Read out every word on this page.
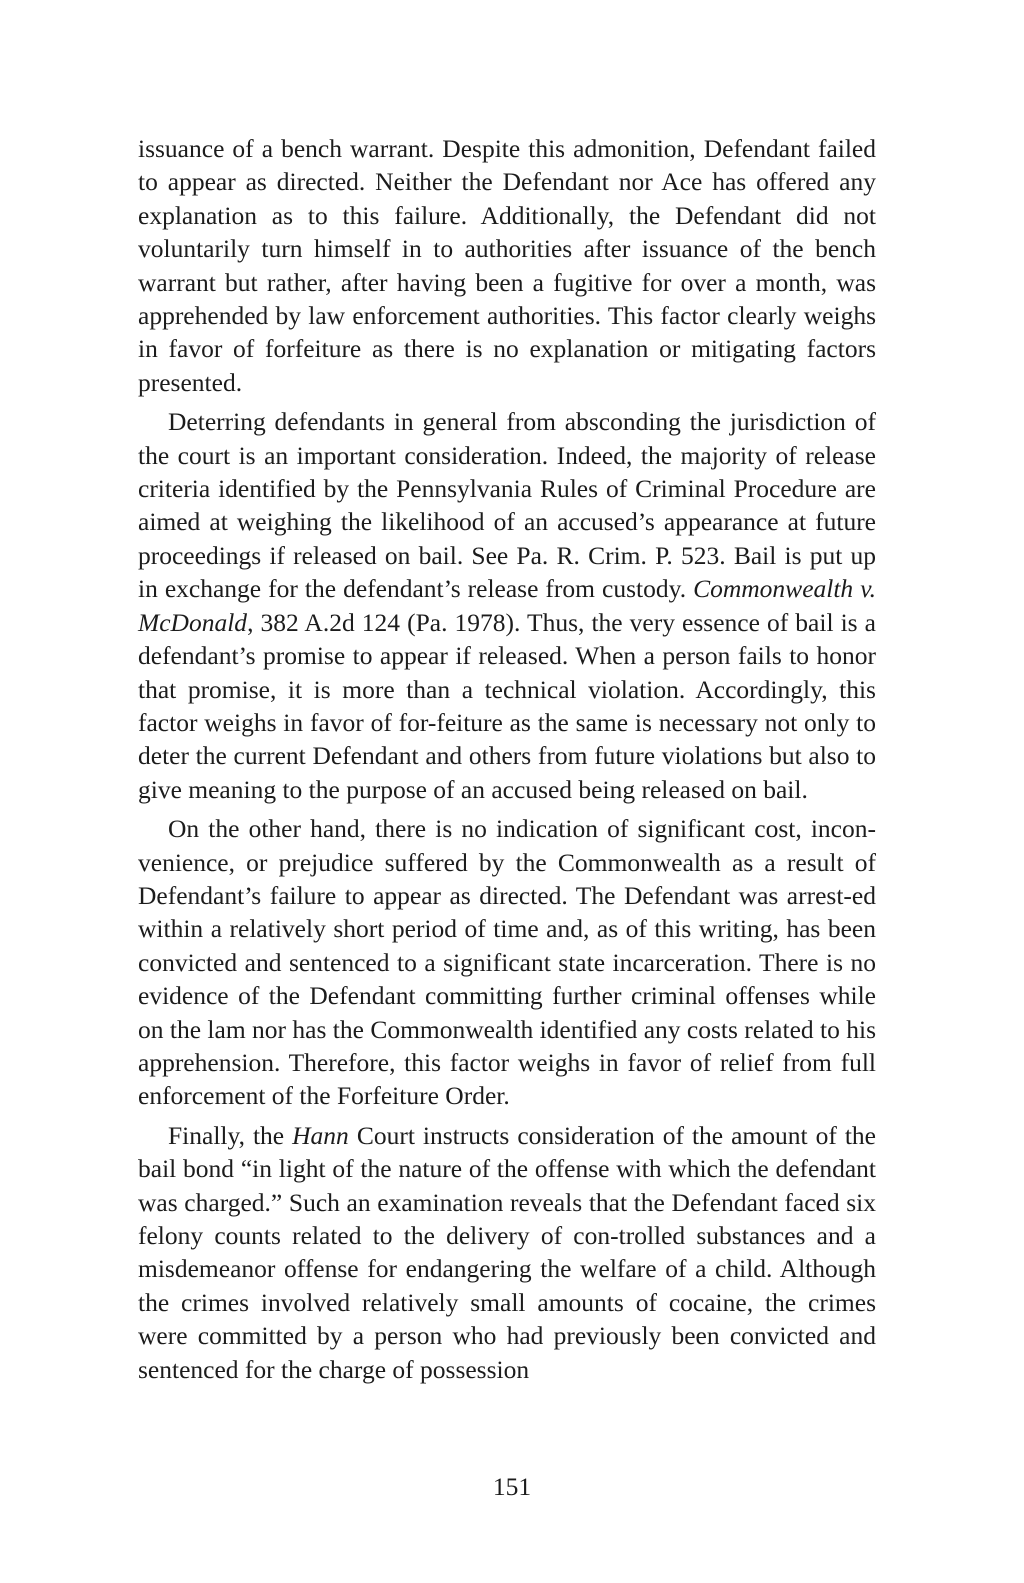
issuance of a bench warrant. Despite this admonition, Defendant failed to appear as directed. Neither the Defendant nor Ace has offered any explanation as to this failure. Additionally, the Defendant did not voluntarily turn himself in to authorities after issuance of the bench warrant but rather, after having been a fugitive for over a month, was apprehended by law enforcement authorities. This factor clearly weighs in favor of forfeiture as there is no explanation or mitigating factors presented.

Deterring defendants in general from absconding the jurisdiction of the court is an important consideration. Indeed, the majority of release criteria identified by the Pennsylvania Rules of Criminal Procedure are aimed at weighing the likelihood of an accused’s appearance at future proceedings if released on bail. See Pa. R. Crim. P. 523. Bail is put up in exchange for the defendant’s release from custody. Commonwealth v. McDonald, 382 A.2d 124 (Pa. 1978). Thus, the very essence of bail is a defendant’s promise to appear if released. When a person fails to honor that promise, it is more than a technical violation. Accordingly, this factor weighs in favor of for-feiture as the same is necessary not only to deter the current Defendant and others from future violations but also to give meaning to the purpose of an accused being released on bail.

On the other hand, there is no indication of significant cost, incon-venience, or prejudice suffered by the Commonwealth as a result of Defendant’s failure to appear as directed. The Defendant was arrest-ed within a relatively short period of time and, as of this writing, has been convicted and sentenced to a significant state incarceration. There is no evidence of the Defendant committing further criminal offenses while on the lam nor has the Commonwealth identified any costs related to his apprehension. Therefore, this factor weighs in favor of relief from full enforcement of the Forfeiture Order.

Finally, the Hann Court instructs consideration of the amount of the bail bond “in light of the nature of the offense with which the defendant was charged.” Such an examination reveals that the Defendant faced six felony counts related to the delivery of con-trolled substances and a misdemeanor offense for endangering the welfare of a child. Although the crimes involved relatively small amounts of cocaine, the crimes were committed by a person who had previously been convicted and sentenced for the charge of possession

151
